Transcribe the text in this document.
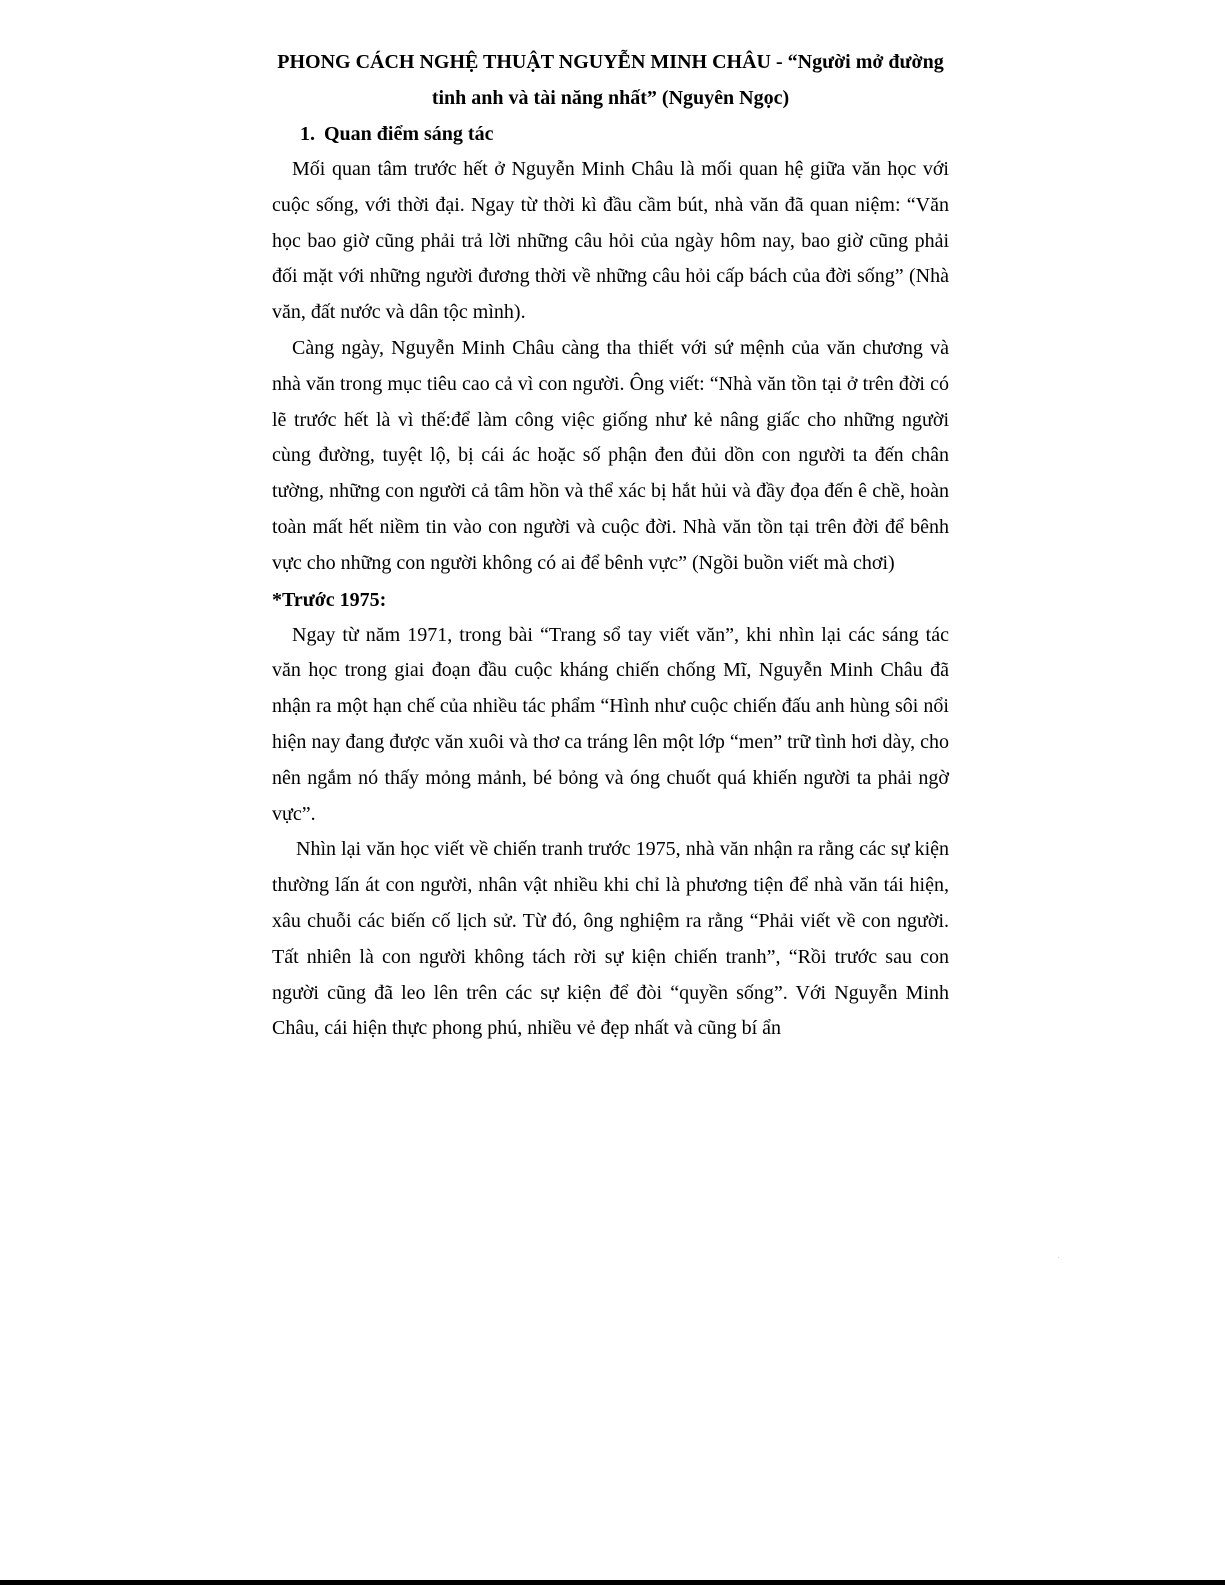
PHONG CÁCH NGHỆ THUẬT NGUYỄN MINH CHÂU - “Người mở đường tinh anh và tài năng nhất” (Nguyên Ngọc)

1. Quan điểm sáng tác

Mối quan tâm trước hết ở Nguyễn Minh Châu là mối quan hệ giữa văn học với cuộc sống, với thời đại. Ngay từ thời kì đầu cầm bút, nhà văn đã quan niệm: “Văn học bao giờ cũng phải trả lời những câu hỏi của ngày hôm nay, bao giờ cũng phải đối mặt với những người đương thời về những câu hỏi cấp bách của đời sống” (Nhà văn, đất nước và dân tộc mình).

Càng ngày, Nguyễn Minh Châu càng tha thiết với sứ mệnh của văn chương và nhà văn trong mục tiêu cao cả vì con người. Ông viết: “Nhà văn tồn tại ở trên đời có lẽ trước hết là vì thế:để làm công việc giống như kẻ nâng giấc cho những người cùng đường, tuyệt lộ, bị cái ác hoặc số phận đen đủi dồn con người ta đến chân tường, những con người cả tâm hồn và thể xác bị hắt hủi và đầy đọa đến ê chề, hoàn toàn mất hết niềm tin vào con người và cuộc đời. Nhà văn tồn tại trên đời để bênh vực cho những con người không có ai để bênh vực” (Ngồi buồn viết mà chơi)

*Trước 1975:

Ngay từ năm 1971, trong bài “Trang sổ tay viết văn”, khi nhìn lại các sáng tác văn học trong giai đoạn đầu cuộc kháng chiến chống Mĩ, Nguyễn Minh Châu đã nhận ra một hạn chế của nhiều tác phẩm “Hình như cuộc chiến đấu anh hùng sôi nổi hiện nay đang được văn xuôi và thơ ca tráng lên một lớp “men” trữ tình hơi dày, cho nên ngắm nó thấy mỏng mảnh, bé bỏng và óng chuốt quá khiến người ta phải ngờ vực”.

Nhìn lại văn học viết về chiến tranh trước 1975, nhà văn nhận ra rằng các sự kiện thường lấn át con người, nhân vật nhiều khi chỉ là phương tiện để nhà văn tái hiện, xâu chuỗi các biến cố lịch sử. Từ đó, ông nghiệm ra rằng “Phải viết về con người. Tất nhiên là con người không tách rời sự kiện chiến tranh”, “Rồi trước sau con người cũng đã leo lên trên các sự kiện để đòi “quyền sống”. Với Nguyễn Minh Châu, cái hiện thực phong phú, nhiều vẻ đẹp nhất và cũng bí ẩn
